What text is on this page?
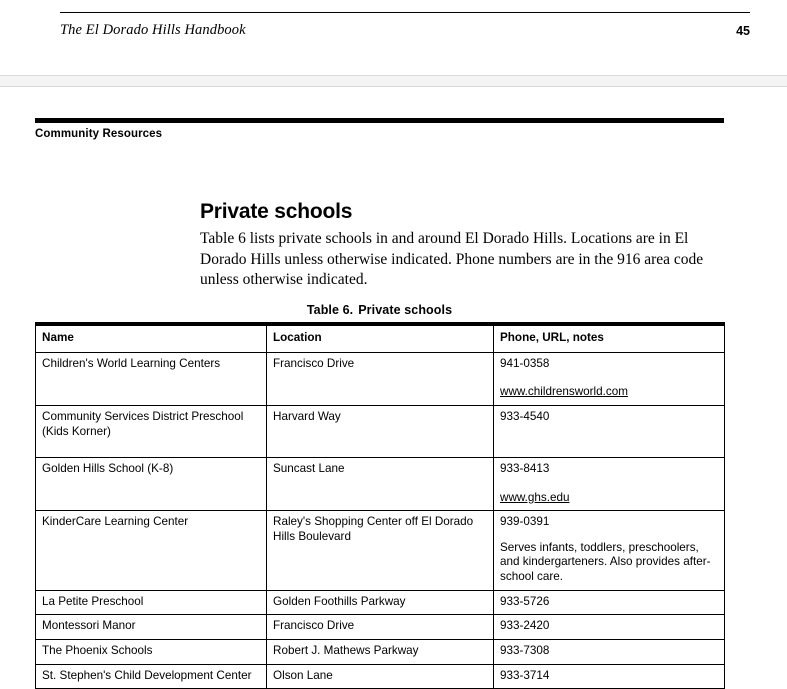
The El Dorado Hills Handbook	45
Community Resources
Private schools

Table 6 lists private schools in and around El Dorado Hills. Locations are in El Dorado Hills unless otherwise indicated. Phone numbers are in the 916 area code unless otherwise indicated.

Table 6. Private schools
Name	Location	Phone, URL, notes
Children's World Learning Centers	Francisco Drive	941-0358
www.childrensworld.com

Community Services District Preschool (Kids Korner)	Harvard Way	933-4540

Golden Hills School (K-8)	Suncast Lane	933-8413
www.ghs.edu

KinderCare Learning Center	Raley's Shopping Center off El Dorado Hills Boulevard	939-0391
Serves infants, toddlers, preschoolers, and kindergarteners. Also provides after-school care.

La Petite Preschool	Golden Foothills Parkway	933-5726

Montessori Manor	Francisco Drive	933-2420

The Phoenix Schools	Robert J. Mathews Parkway	933-7308

St. Stephen's Child Development Center	Olson Lane	933-3714
